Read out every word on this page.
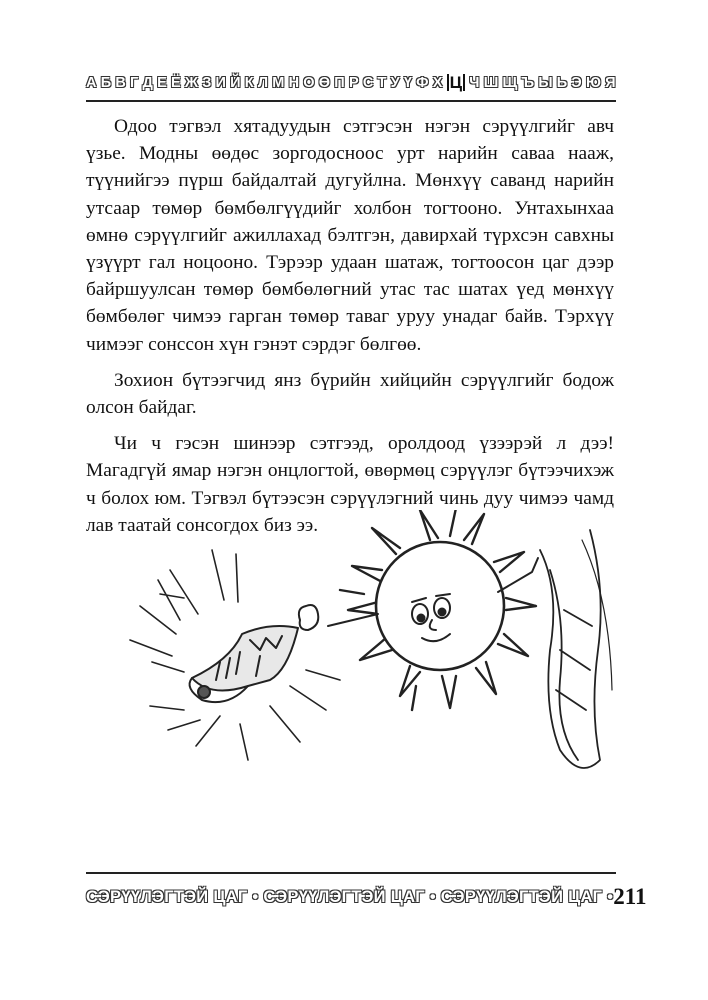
А Б В Г Д Е Ё Ж З И Й К Л М Н О Ө П Р С Т У Ү Ф Х Ц Ч Ш Щ Ъ Ы Ь Э Ю Я

Одоо тэгвэл хятадуудын сэтгэсэн нэгэн сэрүүлгийг авч үзье. Модны өөдөс зоргодосноос урт нарийн саваа нааж, түүнийгээ пүрш байдалтай дугуйлна. Мөнхүү саванд нарийн утсаар төмөр бөмбөлгүүдийг холбон тогтооно. Унтахынхаа өмнө сэрүүлгийг ажиллахад бэлтгэн, давирхай түрхсэн савхны үзүүрт гал ноцооно. Тэрээр удаан шатаж, тогтоосон цаг дээр байршуулсан төмөр бөмбөлөгний утас тас шатах үед мөнхүү бөмбөлөг чимээ гарган төмөр таваг уруу унадаг байв. Тэрхүү чимээг сонссон хүн гэнэт сэрдэг бөлгөө.

Зохион бүтээгчид янз бүрийн хийцийн сэрүүлгийг бодож олсон байдаг.

Чи ч гэсэн шинээр сэтгээд, оролдоод үзээрэй л дээ! Магадгүй ямар нэгэн онцлогтой, өвөрмөц сэрүүлэг бүтээчихэж ч болох юм. Тэгвэл бүтээсэн сэрүүлэгний чинь дуу чимээ чамд лав таатай сонсогдох биз ээ.

СЭРҮҮЛЭГТЭЙ ЦАГ • СЭРҮҮЛЭГТЭЙ ЦАГ • СЭРҮҮЛЭГТЭЙ ЦАГ • 211
